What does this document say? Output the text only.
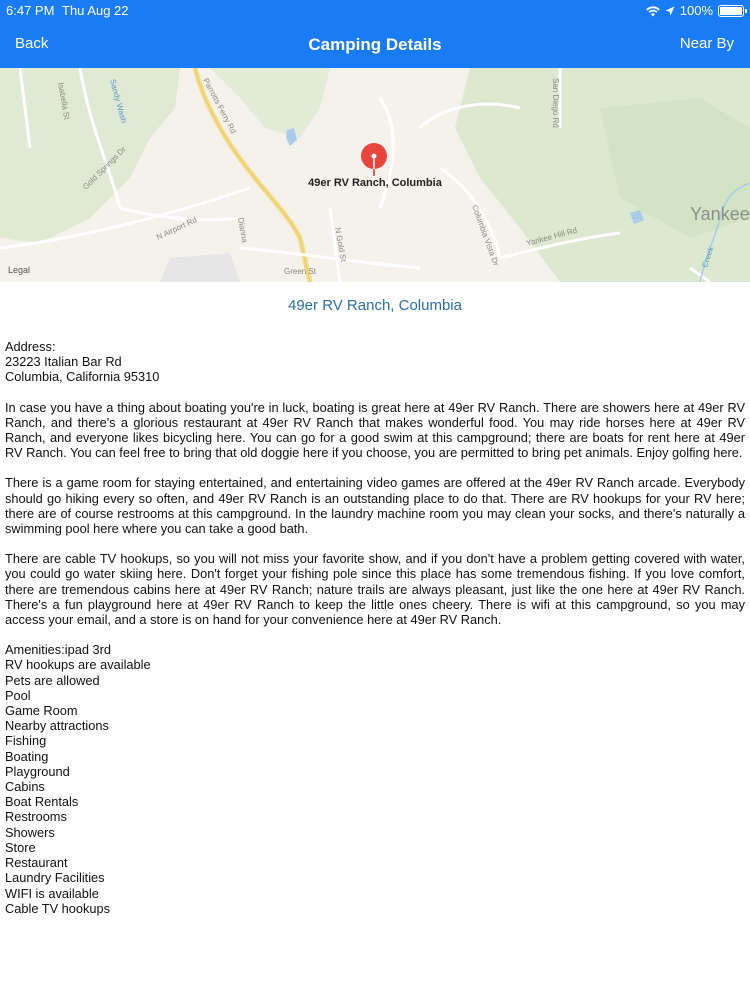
6:47 PM Thu Aug 22	100%
Back	Camping Details	Near By
Parrotts Ferry Rd
Sandy Wash
Isabella St
Gold Springs Dr
N Airport Rd	Dianna	N Gold St
Green St
Columbia Vista Dr	Yankee Hill Rd
San Diego Rd
Creek
Yankee
Legal
49er RV Ranch, Columbia
49er RV Ranch, Columbia
Address:
23223 Italian Bar Rd
Columbia, California 95310

In case you have a thing about boating you're in luck, boating is great here at 49er RV Ranch. There are showers here at 49er RV Ranch, and there's a glorious restaurant at 49er RV Ranch that makes wonderful food. You may ride horses here at 49er RV Ranch, and everyone likes bicycling here. You can go for a good swim at this campground; there are boats for rent here at 49er RV Ranch. You can feel free to bring that old doggie here if you choose, you are permitted to bring pet animals. Enjoy golfing here.

There is a game room for staying entertained, and entertaining video games are offered at the 49er RV Ranch arcade. Everybody should go hiking every so often, and 49er RV Ranch is an outstanding place to do that. There are RV hookups for your RV here; there are of course restrooms at this campground. In the laundry machine room you may clean your socks, and there's naturally a swimming pool here where you can take a good bath.

There are cable TV hookups, so you will not miss your favorite show, and if you don't have a problem getting covered with water, you could go water skiing here. Don't forget your fishing pole since this place has some tremendous fishing. If you love comfort, there are tremendous cabins here at 49er RV Ranch; nature trails are always pleasant, just like the one here at 49er RV Ranch. There's a fun playground here at 49er RV Ranch to keep the little ones cheery. There is wifi at this campground, so you may access your email, and a store is on hand for your convenience here at 49er RV Ranch.

Amenities:ipad 3rd
RV hookups are available
Pets are allowed
Pool
Game Room
Nearby attractions
Fishing
Boating
Playground
Cabins
Boat Rentals
Restrooms
Showers
Store
Restaurant
Laundry Facilities
WIFI is available
Cable TV hookups
